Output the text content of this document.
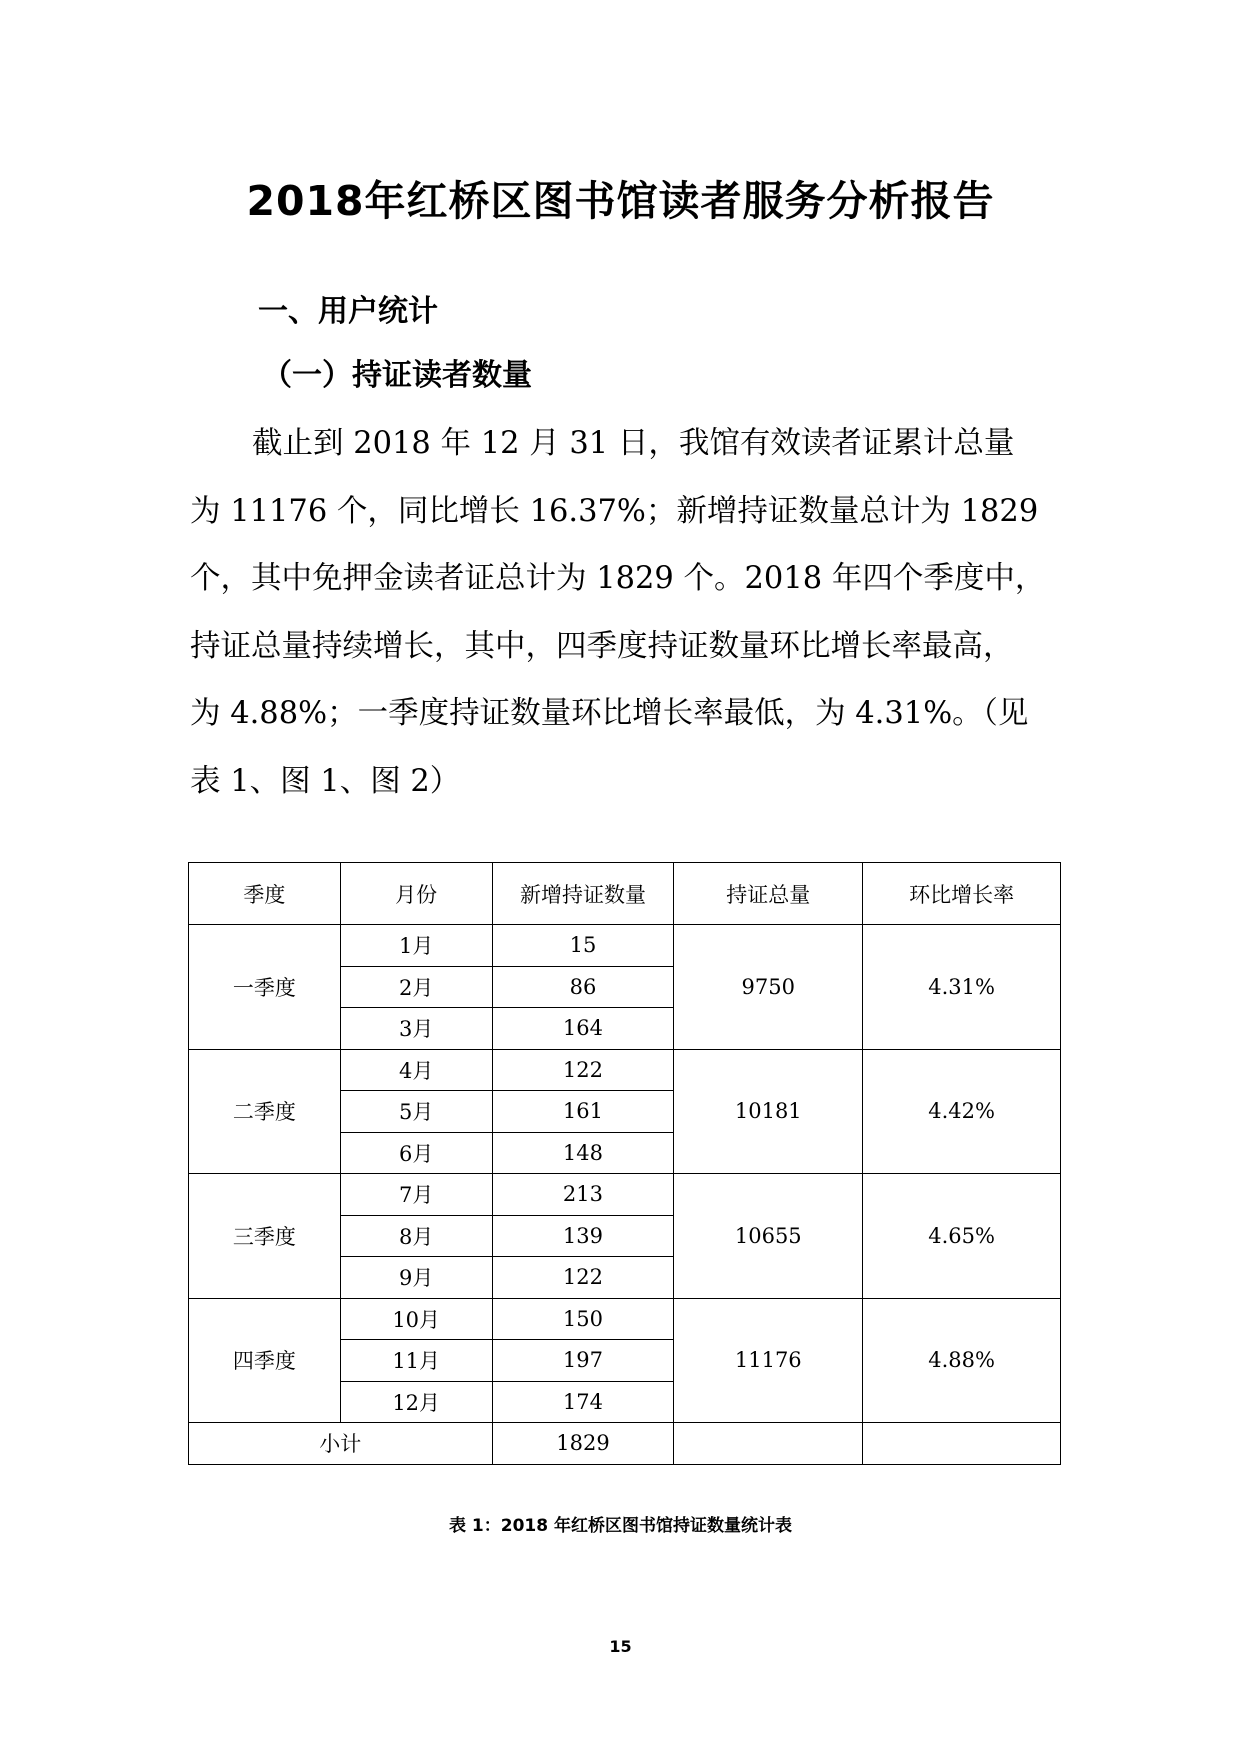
2018年红桥区图书馆读者服务分析报告
一、用户统计
（一）持证读者数量
截止到 2018 年 12 月 31 日，我馆有效读者证累计总量
为 11176 个，同比增长 16.37%；新增持证数量总计为 1829
个，其中免押金读者证总计为 1829 个。2018 年四个季度中，
持证总量持续增长，其中，四季度持证数量环比增长率最高，
为 4.88%；一季度持证数量环比增长率最低，为 4.31%。（见
表 1、图 1、图 2）
季度	月份	新增持证数量	持证总量	环比增长率
一季度	1月	15	9750	4.31%
	2月	86		
	3月	164		
二季度	4月	122	10181	4.42%
	5月	161		
	6月	148		
三季度	7月	213	10655	4.65%
	8月	139		
	9月	122		
四季度	10月	150	11176	4.88%
	11月	197		
	12月	174		
小计		1829		
表 1：2018 年红桥区图书馆持证数量统计表
15
